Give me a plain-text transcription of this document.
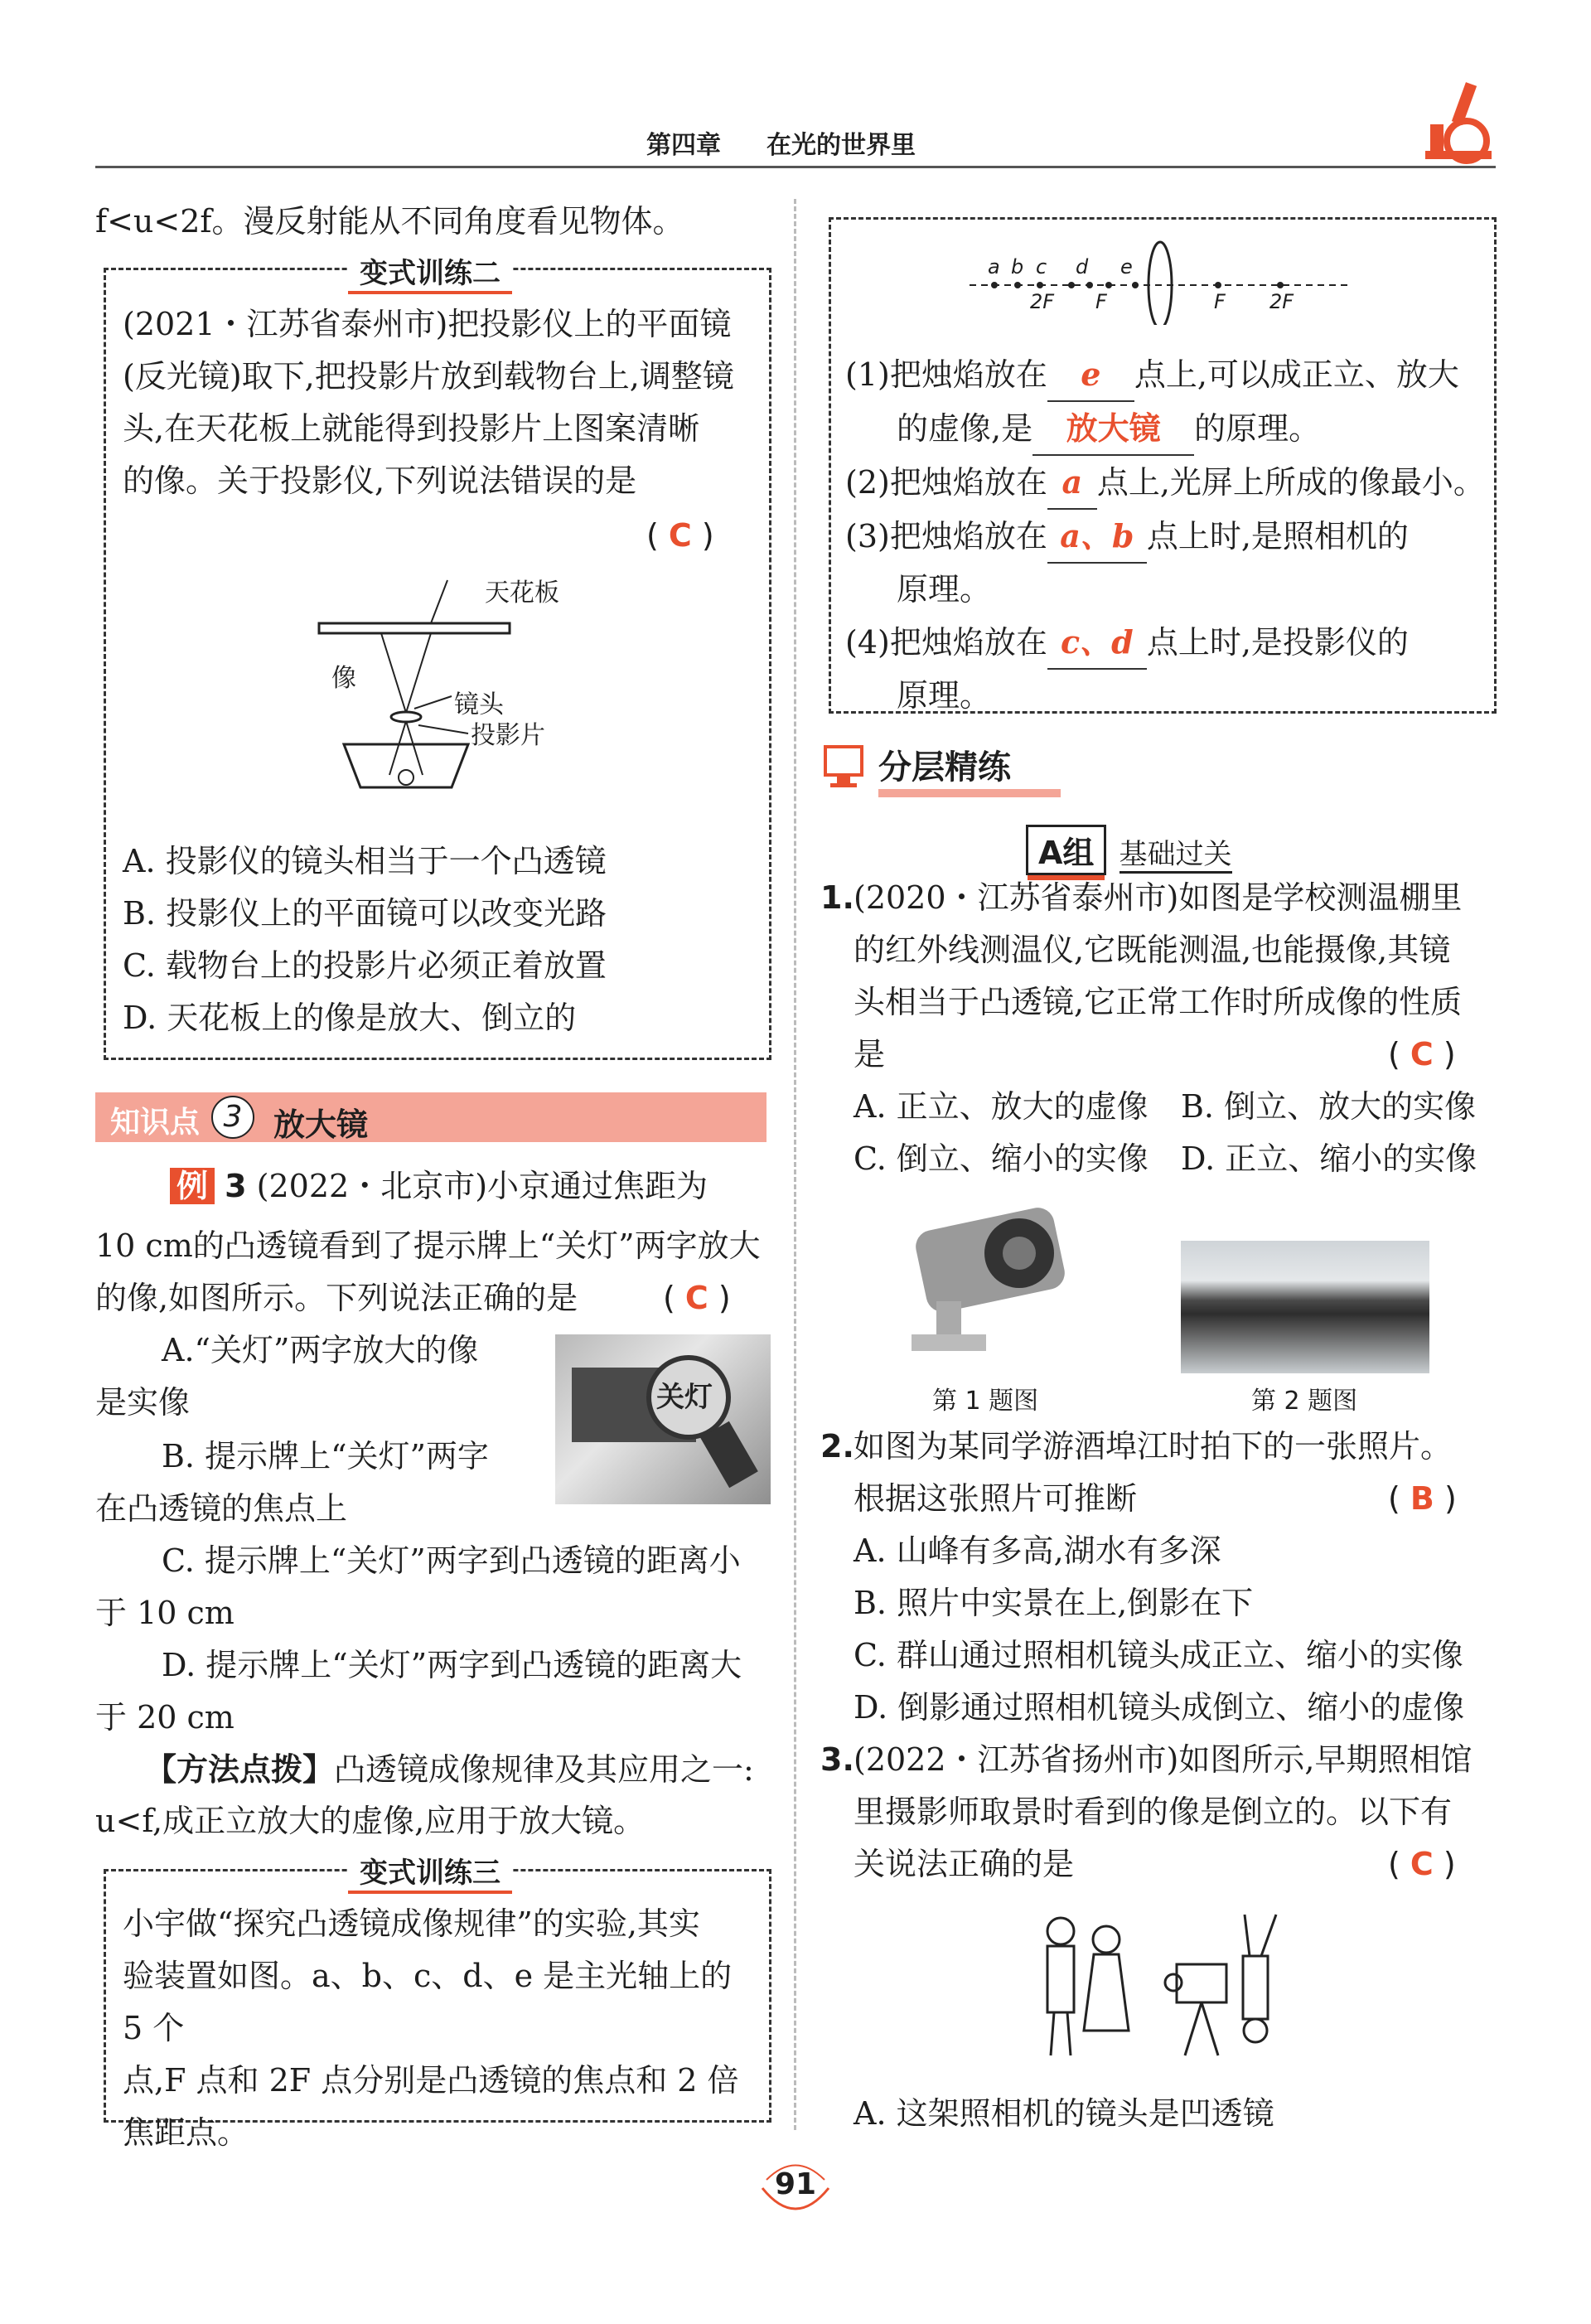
第四章 在光的世界里
f<u<2f。漫反射能从不同角度看见物体。
变式训练二
(2021・江苏省泰州市)把投影仪上的平面镜
(反光镜)取下,把投影片放到载物台上,调整镜
头,在天花板上就能得到投影片上图案清晰
的像。关于投影仪,下列说法错误的是
( C )
天花板
像
镜头
投影片
A. 投影仪的镜头相当于一个凸透镜
B. 投影仪上的平面镜可以改变光路
C. 载物台上的投影片必须正着放置
D. 天花板上的像是放大、倒立的
知识点 3 放大镜
例 3 (2022・北京市)小京通过焦距为
10 cm的凸透镜看到了提示牌上“关灯”两字放大
的像,如图所示。下列说法正确的是	( C )
A.“关灯”两字放大的像
是实像
B. 提示牌上“关灯”两字
在凸透镜的焦点上
关灯
C. 提示牌上“关灯”两字到凸透镜的距离小
于 10 cm
D. 提示牌上“关灯”两字到凸透镜的距离大
于 20 cm
【方法点拨】凸透镜成像规律及其应用之一:
u<f,成正立放大的虚像,应用于放大镜。
变式训练三
小宇做“探究凸透镜成像规律”的实验,其实
验装置如图。a、b、c、d、e 是主光轴上的 5 个
点,F 点和 2F 点分别是凸透镜的焦点和 2 倍
焦距点。
a b c d e
2F F	F 2F
(1)把烛焰放在 e 点上,可以成正立、放大
的虚像,是 放大镜 的原理。
(2)把烛焰放在 a 点上,光屏上所成的像最小。
(3)把烛焰放在 a、b 点上时,是照相机的
原理。
(4)把烛焰放在 c、d 点上时,是投影仪的
原理。
分层精练
A组 基础过关
1. (2020・江苏省泰州市)如图是学校测温棚里
的红外线测温仪,它既能测温,也能摄像,其镜
头相当于凸透镜,它正常工作时所成像的性质
是	( C )
A. 正立、放大的虚像 B. 倒立、放大的实像
C. 倒立、缩小的实像 D. 正立、缩小的实像
第 1 题图	第 2 题图
2. 如图为某同学游酒埠江时拍下的一张照片。
根据这张照片可推断	( B )
A. 山峰有多高,湖水有多深
B. 照片中实景在上,倒影在下
C. 群山通过照相机镜头成正立、缩小的实像
D. 倒影通过照相机镜头成倒立、缩小的虚像
3. (2022・江苏省扬州市)如图所示,早期照相馆
里摄影师取景时看到的像是倒立的。以下有
关说法正确的是	( C )
A. 这架照相机的镜头是凹透镜
91
